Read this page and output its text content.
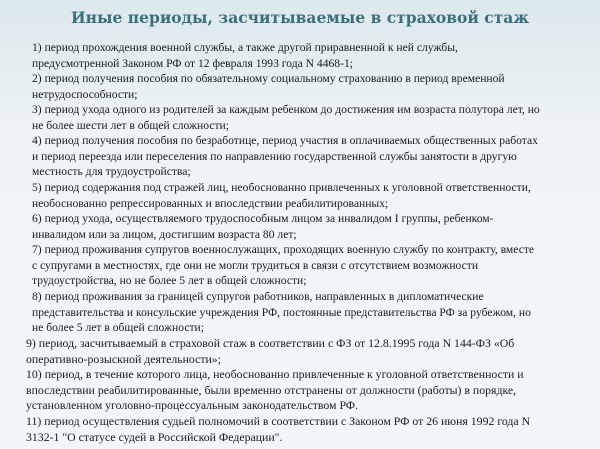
Иные периоды, засчитываемые в страховой стаж
1) период прохождения военной службы, а также другой приравненной к ней службы,
предусмотренной Законом РФ от 12 февраля 1993 года N 4468-1;
2) период получения пособия по обязательному социальному страхованию в период временной
нетрудоспособности;
3) период ухода одного из родителей за каждым ребенком до достижения им возраста полутора лет, но
не более шести лет в общей сложности;
4) период получения пособия по безработице, период участия в оплачиваемых общественных работах
и период переезда или переселения по направлению государственной службы занятости в другую
местность для трудоустройства;
5) период содержания под стражей лиц, необоснованно привлеченных к уголовной ответственности,
необоснованно репрессированных и впоследствии реабилитированных;
6) период ухода, осуществляемого трудоспособным лицом за инвалидом I группы, ребенком-
инвалидом или за лицом, достигшим возраста 80 лет;
7) период проживания супругов военнослужащих, проходящих военную службу по контракту, вместе
с супругами в местностях, где они не могли трудиться в связи с отсутствием возможности
трудоустройства, но не более 5 лет в общей сложности;
8) период проживания за границей супругов работников, направленных в дипломатические
представительства и консульские учреждения РФ, постоянные представительства РФ за рубежом, но
не более 5 лет в общей сложности;
9) период, засчитываемый в страховой стаж в соответствии с ФЗ от 12.8.1995 года N 144-ФЗ «Об
оперативно-розыскной деятельности»;
10) период, в течение которого лица, необоснованно привлеченные к уголовной ответственности и
впоследствии реабилитированные, были временно отстранены от должности (работы) в порядке,
установленном уголовно-процессуальным законодательством РФ.
11) период осуществления судьей полномочий в соответствии с Законом РФ от 26 июня 1992 года N
3132-1 "О статусе судей в Российской Федерации".
